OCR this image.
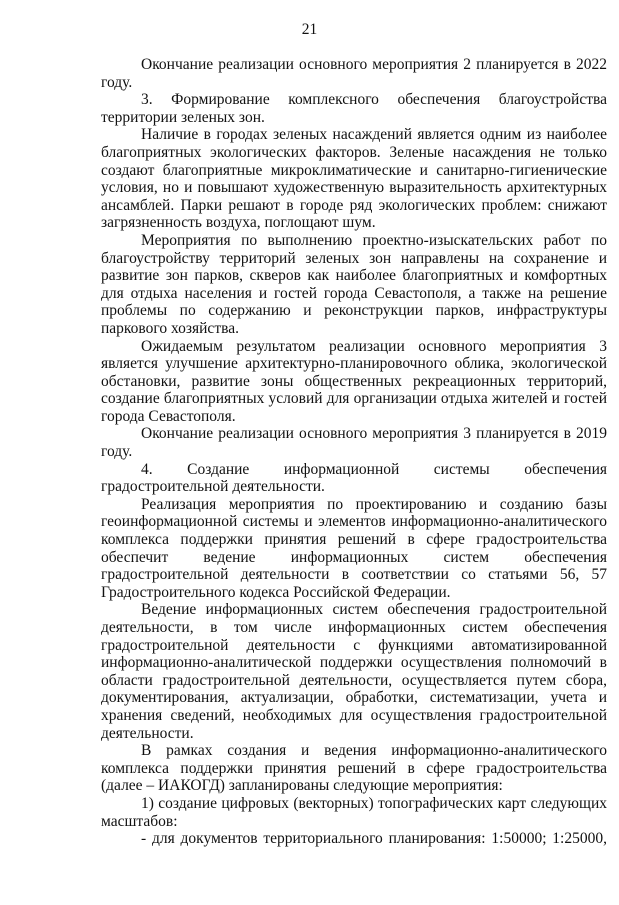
21

Окончание реализации основного мероприятия 2 планируется в 2022 году.

3. Формирование комплексного обеспечения благоустройства территории зеленых зон.

Наличие в городах зеленых насаждений является одним из наиболее благоприятных экологических факторов. Зеленые насаждения не только создают благоприятные микроклиматические и санитарно-гигиенические условия, но и повышают художественную выразительность архитектурных ансамблей. Парки решают в городе ряд экологических проблем: снижают загрязненность воздуха, поглощают шум.

Мероприятия по выполнению проектно-изыскательских работ по благоустройству территорий зеленых зон направлены на сохранение и развитие зон парков, скверов как наиболее благоприятных и комфортных для отдыха населения и гостей города Севастополя, а также на решение проблемы по содержанию и реконструкции парков, инфраструктуры паркового хозяйства.

Ожидаемым результатом реализации основного мероприятия 3 является улучшение архитектурно-планировочного облика, экологической обстановки, развитие зоны общественных рекреационных территорий, создание благоприятных условий для организации отдыха жителей и гостей города Севастополя.

Окончание реализации основного мероприятия 3 планируется в 2019 году.

4. Создание информационной системы обеспечения градостроительной деятельности.

Реализация мероприятия по проектированию и созданию базы геоинформационной системы и элементов информационно-аналитического комплекса поддержки принятия решений в сфере градостроительства обеспечит ведение информационных систем обеспечения градостроительной деятельности в соответствии со статьями 56, 57 Градостроительного кодекса Российской Федерации.

Ведение информационных систем обеспечения градостроительной деятельности, в том числе информационных систем обеспечения градостроительной деятельности с функциями автоматизированной информационно-аналитической поддержки осуществления полномочий в области градостроительной деятельности, осуществляется путем сбора, документирования, актуализации, обработки, систематизации, учета и хранения сведений, необходимых для осуществления градостроительной деятельности.

В рамках создания и ведения информационно-аналитического комплекса поддержки принятия решений в сфере градостроительства (далее – ИАКОГД) запланированы следующие мероприятия:

1) создание цифровых (векторных) топографических карт следующих масштабов:

- для документов территориального планирования: 1:50000; 1:25000,
